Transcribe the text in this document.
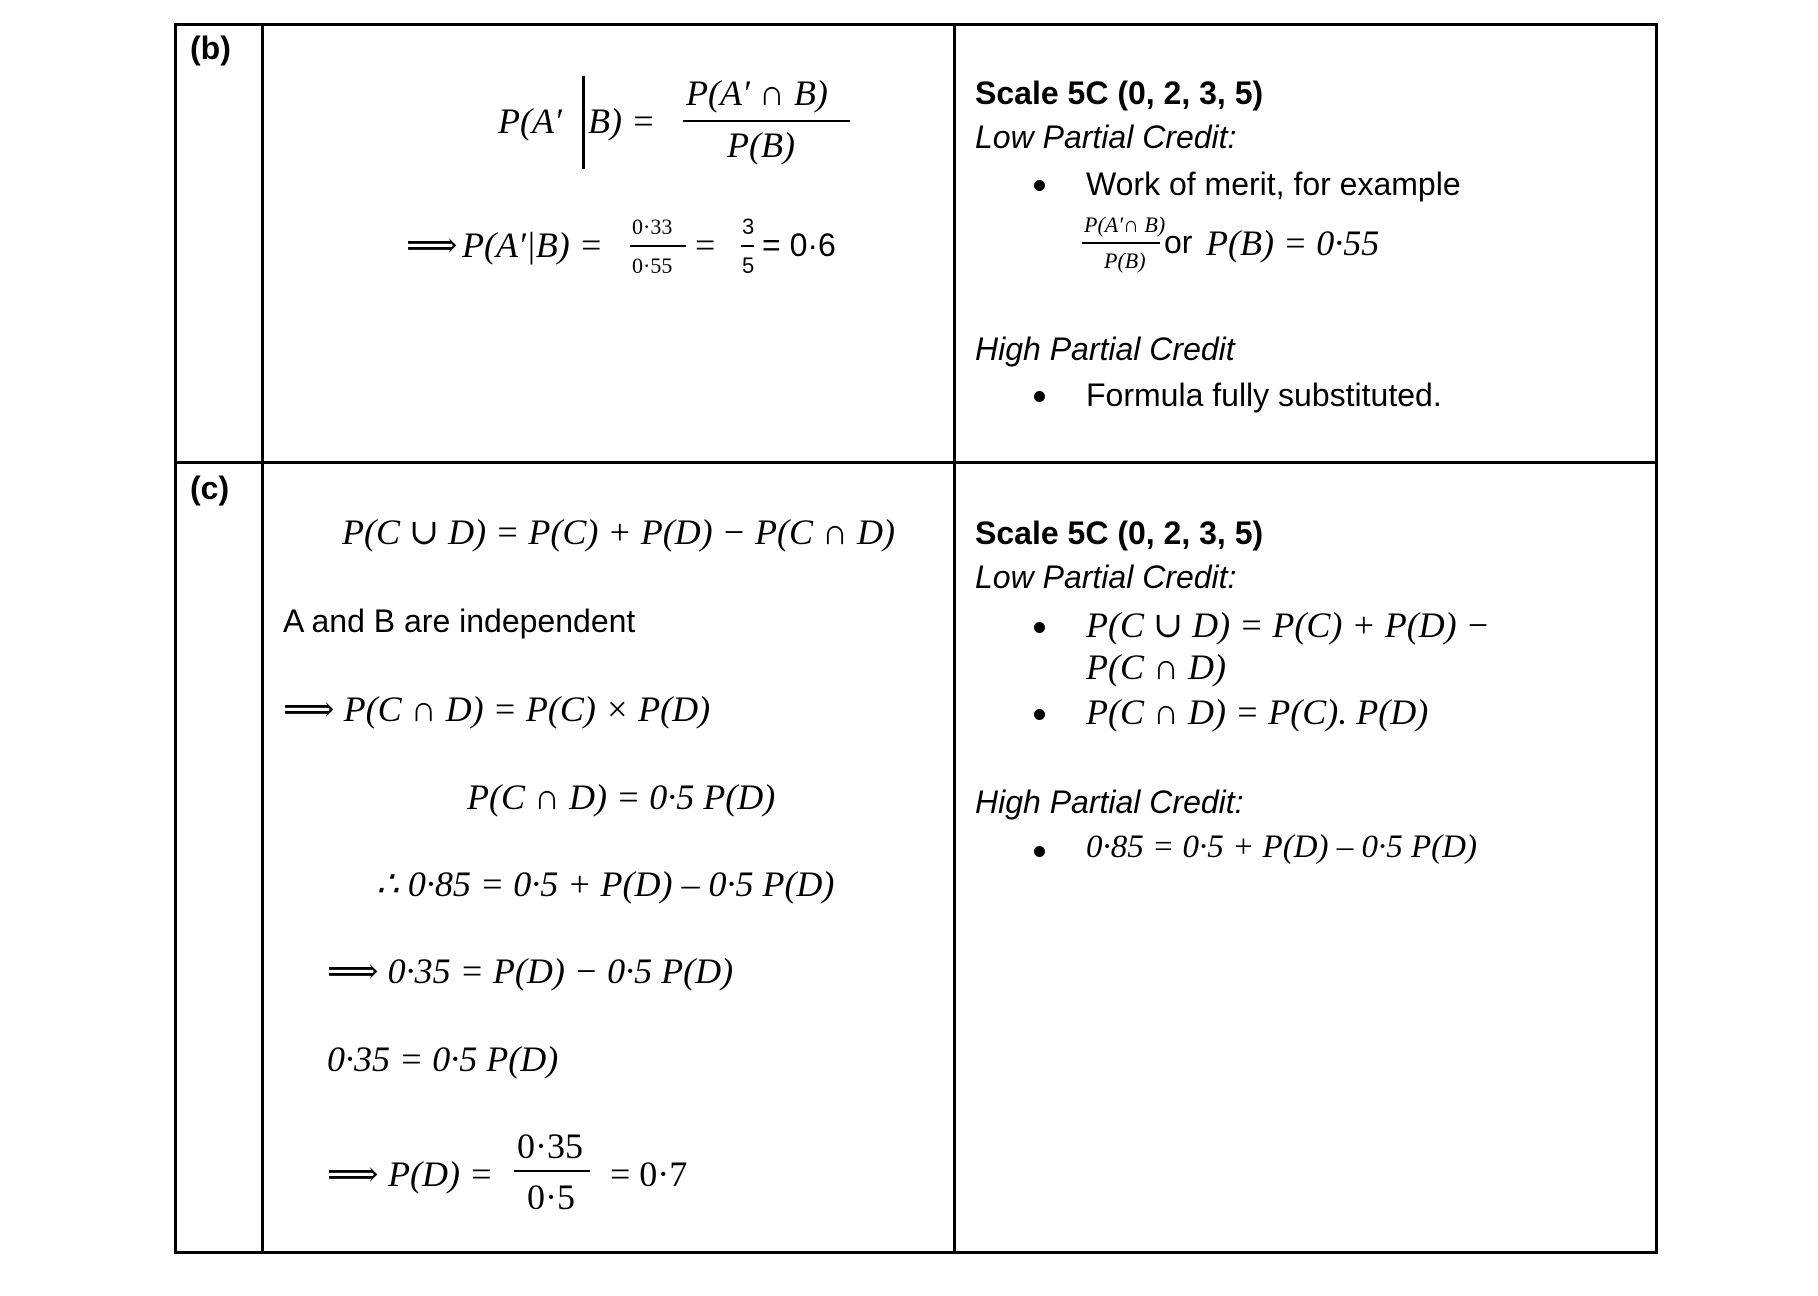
(b)
P(A′ B) =
P(A′ ∩ B)
P(B)
⟹ P(A′|B) = 0·33
0·55
= 3
5
= 0·6
Scale 5C (0, 2, 3, 5)
Low Partial Credit:
Work of merit, for example
P(A′∩ B)
P(B)
or P(B) = 0·55
High Partial Credit
Formula fully substituted.
(c)
P(C ∪ D) = P(C) + P(D) − P(C ∩ D)
A and B are independent
⟹ P(C ∩ D) = P(C) × P(D)
P(C ∩ D) = 0·5 P(D)
∴ 0·85 = 0·5 + P(D) – 0·5 P(D)
⟹ 0·35 = P(D) − 0·5 P(D)
0·35 = 0·5 P(D)
⟹ P(D) =
0·35
0·5
= 0·7
Scale 5C (0, 2, 3, 5)
Low Partial Credit:
P(C ∪ D) = P(C) + P(D) −
P(C ∩ D)
P(C ∩ D) = P(C). P(D)
High Partial Credit:
0·85 = 0·5 + P(D) – 0·5 P(D)
